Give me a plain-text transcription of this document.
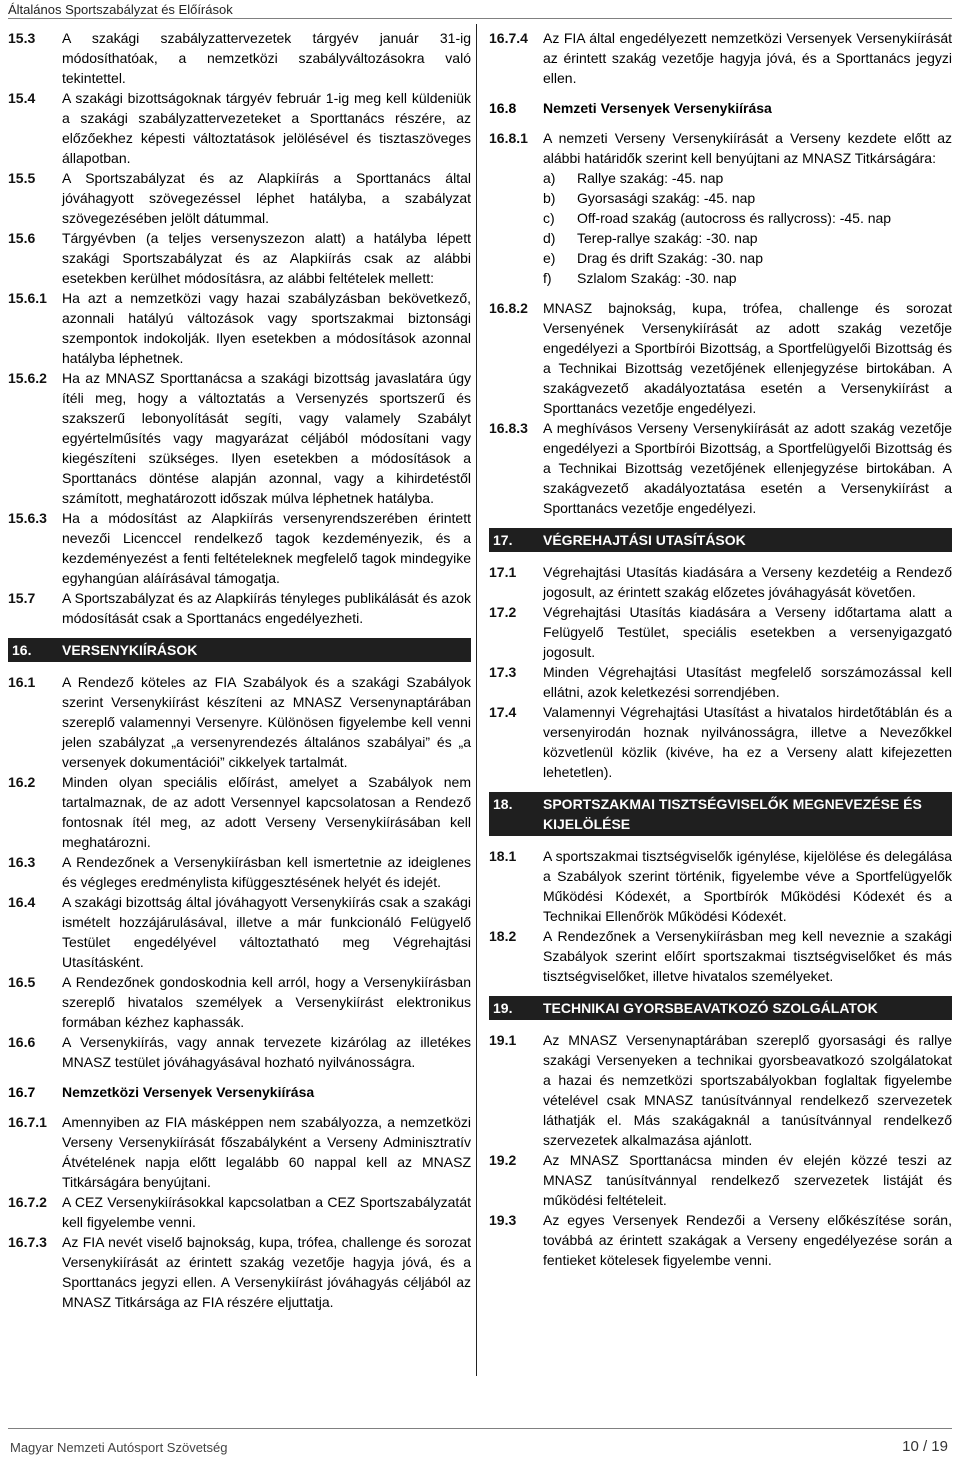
Általános Sportszabályzat és Előírások
15.3	A szakági szabályzattervezetek tárgyév január 31-ig módosíthatóak, a nemzetközi szabályváltozásokra való tekintettel.
15.4	A szakági bizottságoknak tárgyév február 1-ig meg kell küldeniük a szakági szabályzattervezeteket a Sporttanács részére, az előzőekhez képesti változtatások jelölésével és tisztaszöveges állapotban.
15.5	A Sportszabályzat és az Alapkiírás a Sporttanács által jóváhagyott szövegezéssel léphet hatályba, a szabályzat szövegezésében jelölt dátummal.
15.6	Tárgyévben (a teljes versenyszezon alatt) a hatályba lépett szakági Sportszabályzat és az Alapkiírás csak az alábbi esetekben kerülhet módosításra, az alábbi feltételek mellett:
15.6.1	Ha azt a nemzetközi vagy hazai szabályzásban bekövetkező, azonnali hatályú változások vagy sportszakmai biztonsági szempontok indokolják. Ilyen esetekben a módosítások azonnal hatályba léphetnek.
15.6.2	Ha az MNASZ Sporttanácsa a szakági bizottság javaslatára úgy ítéli meg, hogy a változtatás a Versenyzés sportszerű és szakszerű lebonyolítását segíti, vagy valamely Szabályt egyértelműsítés vagy magyarázat céljából módosítani vagy kiegészíteni szükséges. Ilyen esetekben a módosítások a Sporttanács döntése alapján azonnal, vagy a kihirdetéstől számított, meghatározott időszak múlva léphetnek hatályba.
15.6.3	Ha a módosítást az Alapkiírás versenyrendszerében érintett nevezői Licenccel rendelkező tagok kezdeményezik, és a kezdeményezést a fenti feltételeknek megfelelő tagok mindegyike egyhangúan aláírásával támogatja.
15.7	A Sportszabályzat és az Alapkiírás tényleges publikálását és azok módosítását csak a Sporttanács engedélyezheti.
16.	VERSENYKIÍRÁSOK
16.1	A Rendező köteles az FIA Szabályok és a szakági Szabályok szerint Versenykiírást készíteni az MNASZ Versenynaptárában szereplő valamennyi Versenyre. Különösen figyelembe kell venni jelen szabályzat „a versenyrendezés általános szabályai” és „a versenyek dokumentációi” cikkelyek tartalmát.
16.2	Minden olyan speciális előírást, amelyet a Szabályok nem tartalmaznak, de az adott Versennyel kapcsolatosan a Rendező fontosnak ítél meg, az adott Verseny Versenykiírásában kell meghatározni.
16.3	A Rendezőnek a Versenykiírásban kell ismertetnie az ideiglenes és végleges eredménylista kifüggesztésének helyét és idejét.
16.4	A szakági bizottság által jóváhagyott Versenykiírás csak a szakági ismételt hozzájárulásával, illetve a már funkcionáló Felügyelő Testület engedélyével változtatható meg Végrehajtási Utasításként.
16.5	A Rendezőnek gondoskodnia kell arról, hogy a Versenykiírásban szereplő hivatalos személyek a Versenykiírást elektronikus formában kézhez kaphassák.
16.6	A Versenykiírás, vagy annak tervezete kizárólag az illetékes MNASZ testület jóváhagyásával hozható nyilvánosságra.
16.7	Nemzetközi Versenyek Versenykiírása
16.7.1	Amennyiben az FIA másképpen nem szabályozza, a nemzetközi Verseny Versenykiírását főszabályként a Verseny Adminisztratív Átvételének napja előtt legalább 60 nappal kell az MNASZ Titkárságára benyújtani.
16.7.2	A CEZ Versenykiírásokkal kapcsolatban a CEZ Sportszabályzatát kell figyelembe venni.
16.7.3	Az FIA nevét viselő bajnokság, kupa, trófea, challenge és sorozat Versenykiírását az érintett szakág vezetője hagyja jóvá, és a Sporttanács jegyzi ellen. A Versenykiírást jóváhagyás céljából az MNASZ Titkársága az FIA részére eljuttatja.
16.7.4	Az FIA által engedélyezett nemzetközi Versenyek Versenykiírását az érintett szakág vezetője hagyja jóvá, és a Sporttanács jegyzi ellen.
16.8	Nemzeti Versenyek Versenykiírása
16.8.1	A nemzeti Verseny Versenykiírását a Verseny kezdete előtt az alábbi határidők szerint kell benyújtani az MNASZ Titkárságára:
a)	Rallye szakág: -45. nap
b)	Gyorsasági szakág: -45. nap
c)	Off-road szakág (autocross és rallycross): -45. nap
d)	Terep-rallye szakág: -30. nap
e)	Drag és drift Szakág: -30. nap
f)	Szlalom Szakág: -30. nap
16.8.2	MNASZ bajnokság, kupa, trófea, challenge és sorozat Versenyének Versenykiírását az adott szakág vezetője engedélyezi a Sportbírói Bizottság, a Sportfelügyelői Bizottság és a Technikai Bizottság vezetőjének ellenjegyzése birtokában. A szakágvezető akadályoztatása esetén a Versenykiírást a Sporttanács vezetője engedélyezi.
16.8.3	A meghívásos Verseny Versenykiírását az adott szakág vezetője engedélyezi a Sportbírói Bizottság, a Sportfelügyelői Bizottság és a Technikai Bizottság vezetőjének ellenjegyzése birtokában. A szakágvezető akadályoztatása esetén a Versenykiírást a Sporttanács vezetője engedélyezi.
17.	VÉGREHAJTÁSI UTASÍTÁSOK
17.1	Végrehajtási Utasítás kiadására a Verseny kezdetéig a Rendező jogosult, az érintett szakág előzetes jóváhagyását követően.
17.2	Végrehajtási Utasítás kiadására a Verseny időtartama alatt a Felügyelő Testület, speciális esetekben a versenyigazgató jogosult.
17.3	Minden Végrehajtási Utasítást megfelelő sorszámozással kell ellátni, azok keletkezési sorrendjében.
17.4	Valamennyi Végrehajtási Utasítást a hivatalos hirdetőtáblán és a versenyirodán hoznak nyilvánosságra, illetve a Nevezőkkel közvetlenül közlik (kivéve, ha ez a Verseny alatt kifejezetten lehetetlen).
18.	SPORTSZAKMAI TISZTSÉGVISELŐK MEGNEVEZÉSE ÉS KIJELÖLÉSE
18.1	A sportszakmai tisztségviselők igénylése, kijelölése és delegálása a Szabályok szerint történik, figyelembe véve a Sportfelügyelők Működési Kódexét, a Sportbírók Működési Kódexét és a Technikai Ellenőrök Működési Kódexét.
18.2	A Rendezőnek a Versenykiírásban meg kell neveznie a szakági Szabályok szerint előírt sportszakmai tisztségviselőket és más tisztségviselőket, illetve hivatalos személyeket.
19.	TECHNIKAI GYORSBEAVATKOZÓ SZOLGÁLATOK
19.1	Az MNASZ Versenynaptárában szereplő gyorsasági és rallye szakági Versenyeken a technikai gyorsbeavatkozó szolgálatokat a hazai és nemzetközi sportszabályokban foglaltak figyelembe vételével csak MNASZ tanúsítvánnyal rendelkező szervezetek láthatják el. Más szakágaknál a tanúsítvánnyal rendelkező szervezetek alkalmazása ajánlott.
19.2	Az MNASZ Sporttanácsa minden év elején közzé teszi az MNASZ tanúsítvánnyal rendelkező szervezetek listáját és működési feltételeit.
19.3	Az egyes Versenyek Rendezői a Verseny előkészítése során, továbbá az érintett szakágak a Verseny engedélyezése során a fentieket kötelesek figyelembe venni.
Magyar Nemzeti Autósport Szövetség	10 / 19
